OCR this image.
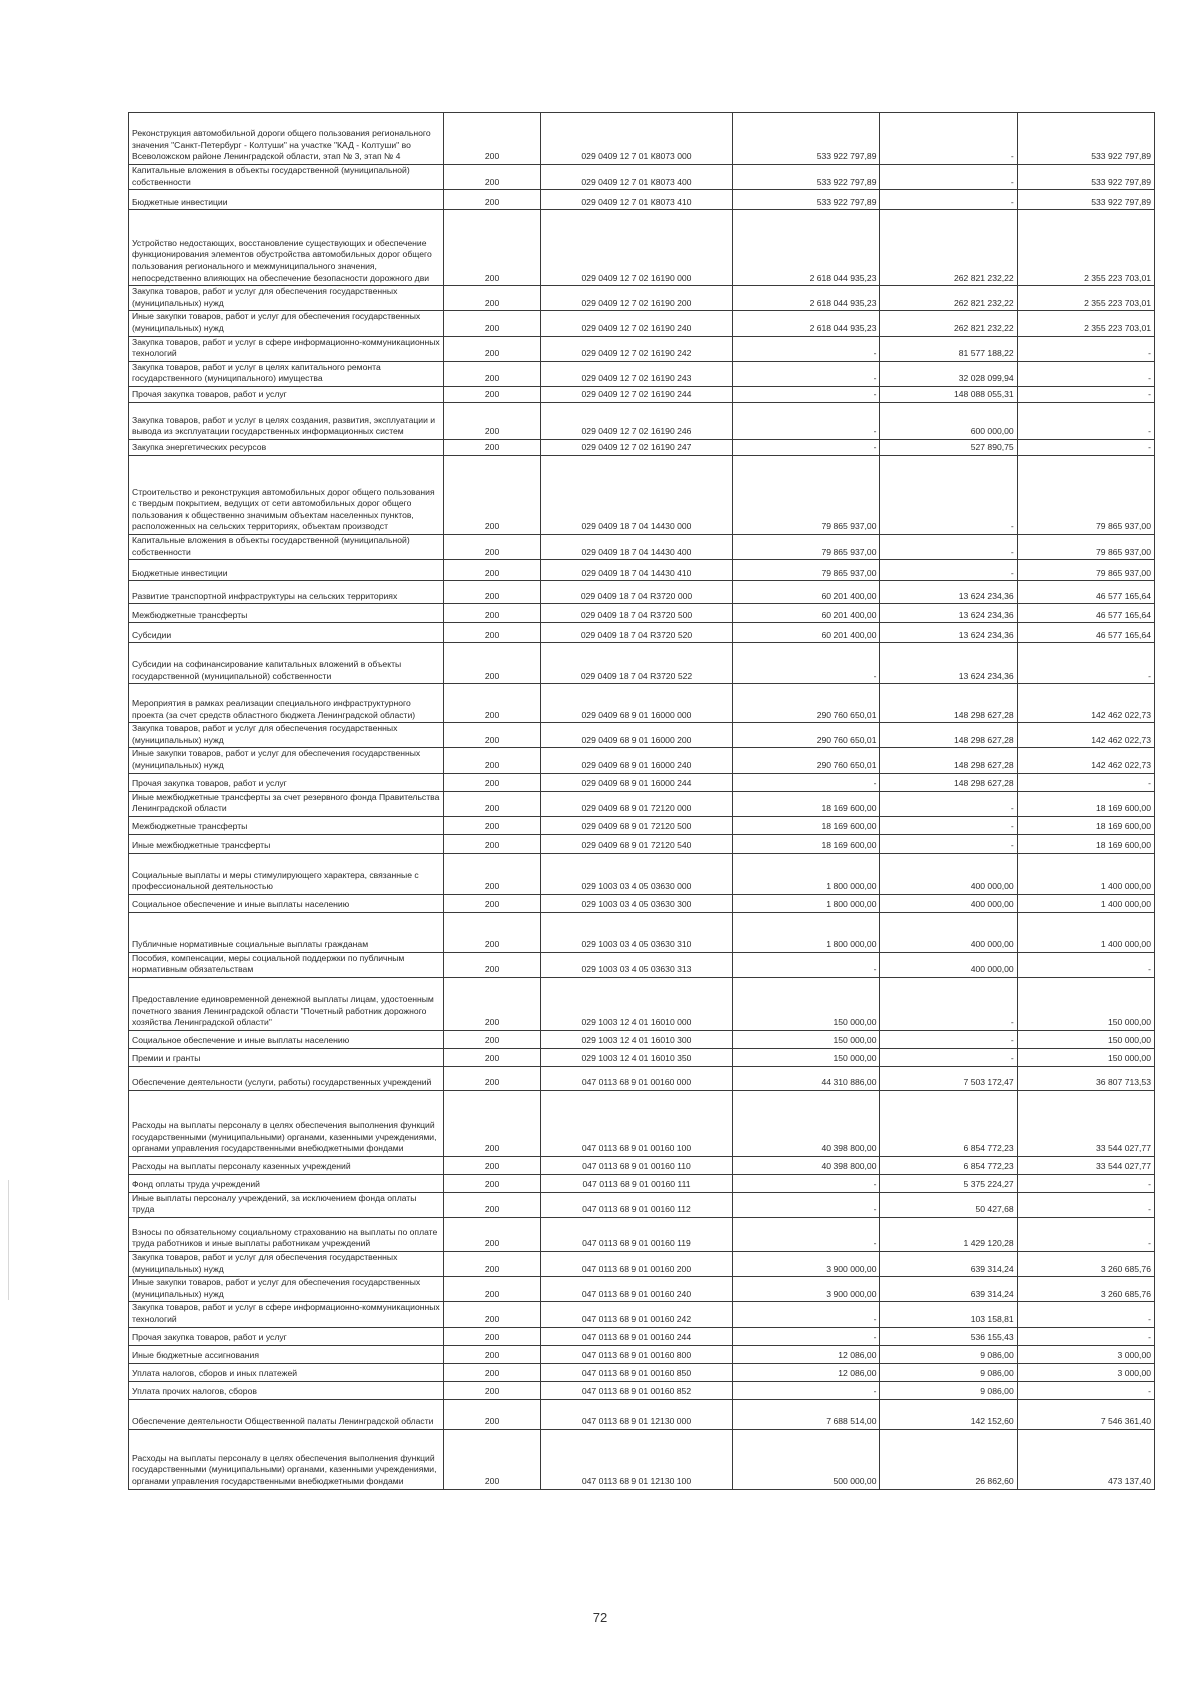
Реконструкция автомобильной дороги общего пользования регионального значения "Санкт-Петербург - Колтуши" на участке "КАД - Колтуши" во Всеволожском районе Ленинградской области, этап № 3, этап № 4	200	029 0409 12 7 01 К8073 000	533 922 797,89	-	533 922 797,89
Капитальные вложения в объекты государственной (муниципальной) собственности	200	029 0409 12 7 01 К8073 400	533 922 797,89	-	533 922 797,89
Бюджетные инвестиции	200	029 0409 12 7 01 К8073 410	533 922 797,89	-	533 922 797,89
Устройство недостающих, восстановление существующих и обеспечение функционирования элементов обустройства автомобильных дорог общего пользования регионального и межмуниципального значения, непосредственно влияющих на обеспечение безопасности дорожного дви	200	029 0409 12 7 02 16190 000	2 618 044 935,23	262 821 232,22	2 355 223 703,01
Закупка товаров, работ и услуг для обеспечения государственных (муниципальных) нужд	200	029 0409 12 7 02 16190 200	2 618 044 935,23	262 821 232,22	2 355 223 703,01
Иные закупки товаров, работ и услуг для обеспечения государственных (муниципальных) нужд	200	029 0409 12 7 02 16190 240	2 618 044 935,23	262 821 232,22	2 355 223 703,01
Закупка товаров, работ и услуг в сфере информационно-коммуникационных технологий	200	029 0409 12 7 02 16190 242	-	81 577 188,22	-
Закупка товаров, работ и услуг в целях капитального ремонта государственного (муниципального) имущества	200	029 0409 12 7 02 16190 243	-	32 028 099,94	-
Прочая закупка товаров, работ и услуг	200	029 0409 12 7 02 16190 244	-	148 088 055,31	-
Закупка товаров, работ и услуг в целях создания, развития, эксплуатации и вывода из эксплуатации государственных информационных систем	200	029 0409 12 7 02 16190 246	-	600 000,00	-
Закупка энергетических ресурсов	200	029 0409 12 7 02 16190 247	-	527 890,75	-
Строительство и реконструкция автомобильных дорог общего пользования с твердым покрытием, ведущих от сети автомобильных дорог общего пользования к общественно значимым объектам населенных пунктов, расположенных на сельских территориях, объектам производст	200	029 0409 18 7 04 14430 000	79 865 937,00	-	79 865 937,00
Капитальные вложения в объекты государственной (муниципальной) собственности	200	029 0409 18 7 04 14430 400	79 865 937,00	-	79 865 937,00
Бюджетные инвестиции	200	029 0409 18 7 04 14430 410	79 865 937,00	-	79 865 937,00
Развитие транспортной инфраструктуры на сельских территориях	200	029 0409 18 7 04 R3720 000	60 201 400,00	13 624 234,36	46 577 165,64
Межбюджетные трансферты	200	029 0409 18 7 04 R3720 500	60 201 400,00	13 624 234,36	46 577 165,64
Субсидии	200	029 0409 18 7 04 R3720 520	60 201 400,00	13 624 234,36	46 577 165,64
Субсидии на софинансирование капитальных вложений в объекты государственной (муниципальной) собственности	200	029 0409 18 7 04 R3720 522	-	13 624 234,36	-
Мероприятия в рамках реализации специального инфраструктурного проекта (за счет средств областного бюджета Ленинградской области)	200	029 0409 68 9 01 16000 000	290 760 650,01	148 298 627,28	142 462 022,73
Закупка товаров, работ и услуг для обеспечения государственных (муниципальных) нужд	200	029 0409 68 9 01 16000 200	290 760 650,01	148 298 627,28	142 462 022,73
Иные закупки товаров, работ и услуг для обеспечения государственных (муниципальных) нужд	200	029 0409 68 9 01 16000 240	290 760 650,01	148 298 627,28	142 462 022,73
Прочая закупка товаров, работ и услуг	200	029 0409 68 9 01 16000 244	-	148 298 627,28	-
Иные межбюджетные трансферты за счет резервного фонда Правительства Ленинградской области	200	029 0409 68 9 01 72120 000	18 169 600,00	-	18 169 600,00
Межбюджетные трансферты	200	029 0409 68 9 01 72120 500	18 169 600,00	-	18 169 600,00
Иные межбюджетные трансферты	200	029 0409 68 9 01 72120 540	18 169 600,00	-	18 169 600,00
Социальные выплаты и меры стимулирующего характера, связанные с профессиональной деятельностью	200	029 1003 03 4 05 03630 000	1 800 000,00	400 000,00	1 400 000,00
Социальное обеспечение и иные выплаты населению	200	029 1003 03 4 05 03630 300	1 800 000,00	400 000,00	1 400 000,00
Публичные нормативные социальные выплаты гражданам	200	029 1003 03 4 05 03630 310	1 800 000,00	400 000,00	1 400 000,00
Пособия, компенсации, меры социальной поддержки по публичным нормативным обязательствам	200	029 1003 03 4 05 03630 313	-	400 000,00	-
Предоставление единовременной денежной выплаты лицам, удостоенным почетного звания Ленинградской области "Почетный работник дорожного хозяйства Ленинградской области"	200	029 1003 12 4 01 16010 000	150 000,00	-	150 000,00
Социальное обеспечение и иные выплаты населению	200	029 1003 12 4 01 16010 300	150 000,00	-	150 000,00
Премии и гранты	200	029 1003 12 4 01 16010 350	150 000,00	-	150 000,00
Обеспечение деятельности (услуги, работы) государственных учреждений	200	047 0113 68 9 01 00160 000	44 310 886,00	7 503 172,47	36 807 713,53
Расходы на выплаты персоналу в целях обеспечения выполнения функций государственными (муниципальными) органами, казенными учреждениями, органами управления государственными внебюджетными фондами	200	047 0113 68 9 01 00160 100	40 398 800,00	6 854 772,23	33 544 027,77
Расходы на выплаты персоналу казенных учреждений	200	047 0113 68 9 01 00160 110	40 398 800,00	6 854 772,23	33 544 027,77
Фонд оплаты труда учреждений	200	047 0113 68 9 01 00160 111	-	5 375 224,27	-
Иные выплаты персоналу учреждений, за исключением фонда оплаты труда	200	047 0113 68 9 01 00160 112	-	50 427,68	-
Взносы по обязательному социальному страхованию на выплаты по оплате труда работников и иные выплаты работникам учреждений	200	047 0113 68 9 01 00160 119	-	1 429 120,28	-
Закупка товаров, работ и услуг для обеспечения государственных (муниципальных) нужд	200	047 0113 68 9 01 00160 200	3 900 000,00	639 314,24	3 260 685,76
Иные закупки товаров, работ и услуг для обеспечения государственных (муниципальных) нужд	200	047 0113 68 9 01 00160 240	3 900 000,00	639 314,24	3 260 685,76
Закупка товаров, работ и услуг в сфере информационно-коммуникационных технологий	200	047 0113 68 9 01 00160 242	-	103 158,81	-
Прочая закупка товаров, работ и услуг	200	047 0113 68 9 01 00160 244	-	536 155,43	-
Иные бюджетные ассигнования	200	047 0113 68 9 01 00160 800	12 086,00	9 086,00	3 000,00
Уплата налогов, сборов и иных платежей	200	047 0113 68 9 01 00160 850	12 086,00	9 086,00	3 000,00
Уплата прочих налогов, сборов	200	047 0113 68 9 01 00160 852	-	9 086,00	-
Обеспечение деятельности Общественной палаты Ленинградской области	200	047 0113 68 9 01 12130 000	7 688 514,00	142 152,60	7 546 361,40
Расходы на выплаты персоналу в целях обеспечения выполнения функций государственными (муниципальными) органами, казенными учреждениями, органами управления государственными внебюджетными фондами	200	047 0113 68 9 01 12130 100	500 000,00	26 862,60	473 137,40
72
